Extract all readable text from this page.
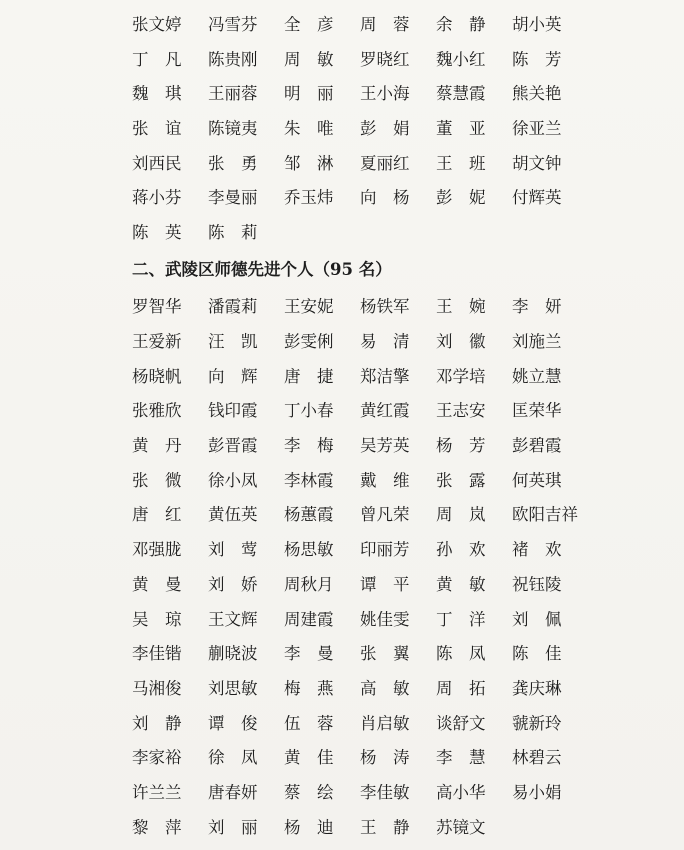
张文婷	冯雪芬	全　彦	周　蓉	余　静	胡小英
丁　凡	陈贵刚	周　敏	罗晓红	魏小红	陈　芳
魏　琪	王丽蓉	明　丽	王小海	蔡慧霞	熊关艳
张　谊	陈镜夷	朱　唯	彭　娟	董　亚	徐亚兰
刘西民	张　勇	邹　淋	夏丽红	王　班	胡文钟
蒋小芬	李曼丽	乔玉炜	向　杨	彭　妮	付辉英
陈　英	陈　莉
二、武陵区师德先进个人（95 名）
罗智华	潘霞莉	王安妮	杨铁军	王　婉	李　妍
王爱新	汪　凯	彭雯俐	易　清	刘　徽	刘施兰
杨晓帆	向　辉	唐　捷	郑洁擎	邓学培	姚立慧
张雅欣	钱印霞	丁小春	黄红霞	王志安	匡荣华
黄　丹	彭晋霞	李　梅	吴芳英	杨　芳	彭碧霞
张　微	徐小凤	李林霞	戴　维	张　露	何英琪
唐　红	黄伍英	杨蕙霞	曾凡荣	周　岚	欧阳吉祥
邓强胧	刘　莺	杨思敏	印丽芳	孙　欢	褚　欢
黄　曼	刘　娇	周秋月	谭　平	黄　敏	祝钰陵
吴　琼	王文辉	周建霞	姚佳雯	丁　洋	刘　佩
李佳锴	蒯晓波	李　曼	张　翼	陈　凤	陈　佳
马湘俊	刘思敏	梅　燕	高　敏	周　拓	龚庆琳
刘　静	谭　俊	伍　蓉	肖启敏	谈舒文	虢新玲
李家裕	徐　凤	黄　佳	杨　涛	李　慧	林碧云
许兰兰	唐春妍	蔡　绘	李佳敏	高小华	易小娟
黎　萍	刘　丽	杨　迪	王　静	苏镜文
